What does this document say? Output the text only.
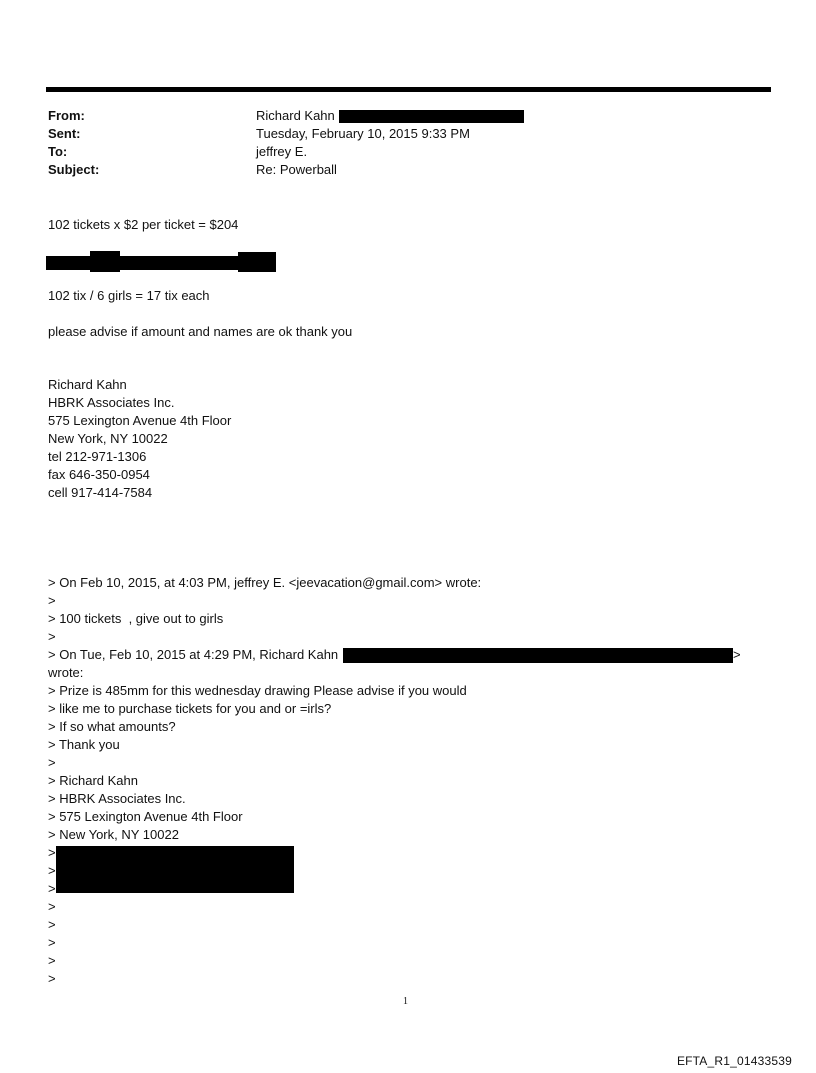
From:	Richard Kahn
Sent:	Tuesday, February 10, 2015 9:33 PM
To:	jeffrey E.
Subject:	Re: Powerball
102 tickets x $2 per ticket = $204
102 tix / 6 girls = 17 tix each
please advise if amount and names are ok thank you
Richard Kahn
HBRK Associates Inc.
575 Lexington Avenue 4th Floor
New York, NY 10022
tel 212-971-1306
fax 646-350-0954
cell 917-414-7584
> On Feb 10, 2015, at 4:03 PM, jeffrey E. <jeevacation@gmail.com> wrote:
>
> 100 tickets  , give out to girls
>
> On Tue, Feb 10, 2015 at 4:29 PM, Richard Kahn	>
wrote:
> Prize is 485mm for this wednesday drawing Please advise if you would
> like me to purchase tickets for you and or =irls?
> If so what amounts?
> Thank you
>
> Richard Kahn
> HBRK Associates Inc.
> 575 Lexington Avenue 4th Floor
> New York, NY 10022
>
>
>
>
>
>
>
>
1
EFTA_R1_01433539
